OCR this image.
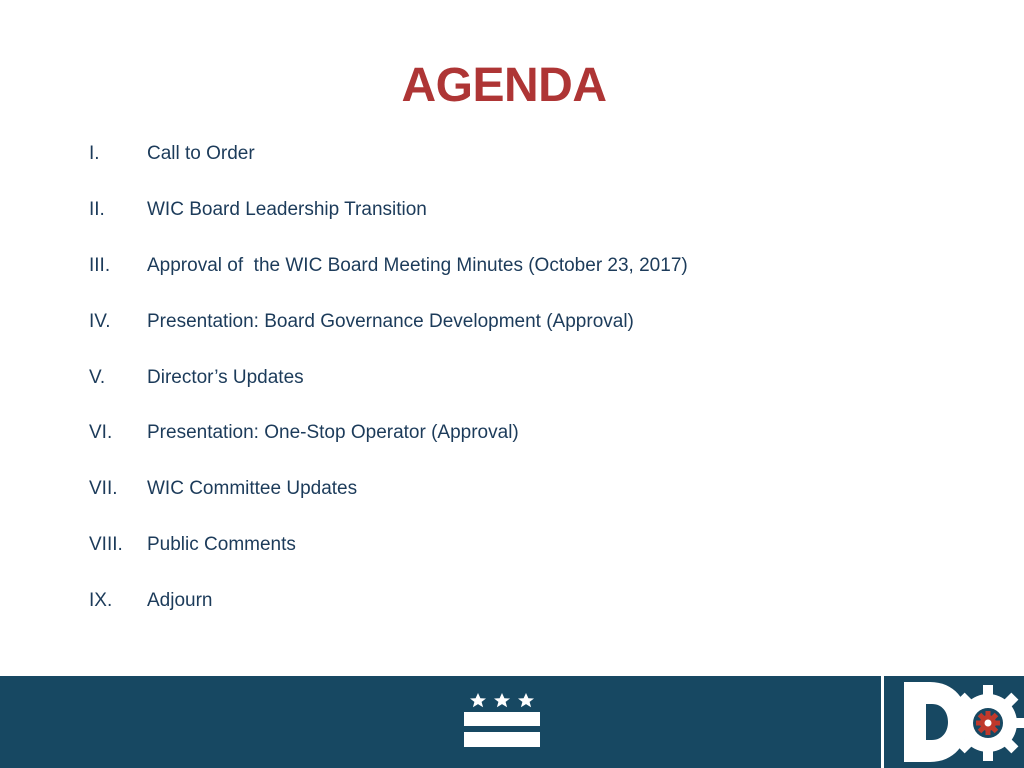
AGENDA
I.	Call to Order
II.	WIC Board Leadership Transition
III.	Approval of  the WIC Board Meeting Minutes (October 23, 2017)
IV.	Presentation: Board Governance Development (Approval)
V.	Director’s Updates
VI.	Presentation: One-Stop Operator (Approval)
VII.	WIC Committee Updates
VIII.	Public Comments
IX.	Adjourn
